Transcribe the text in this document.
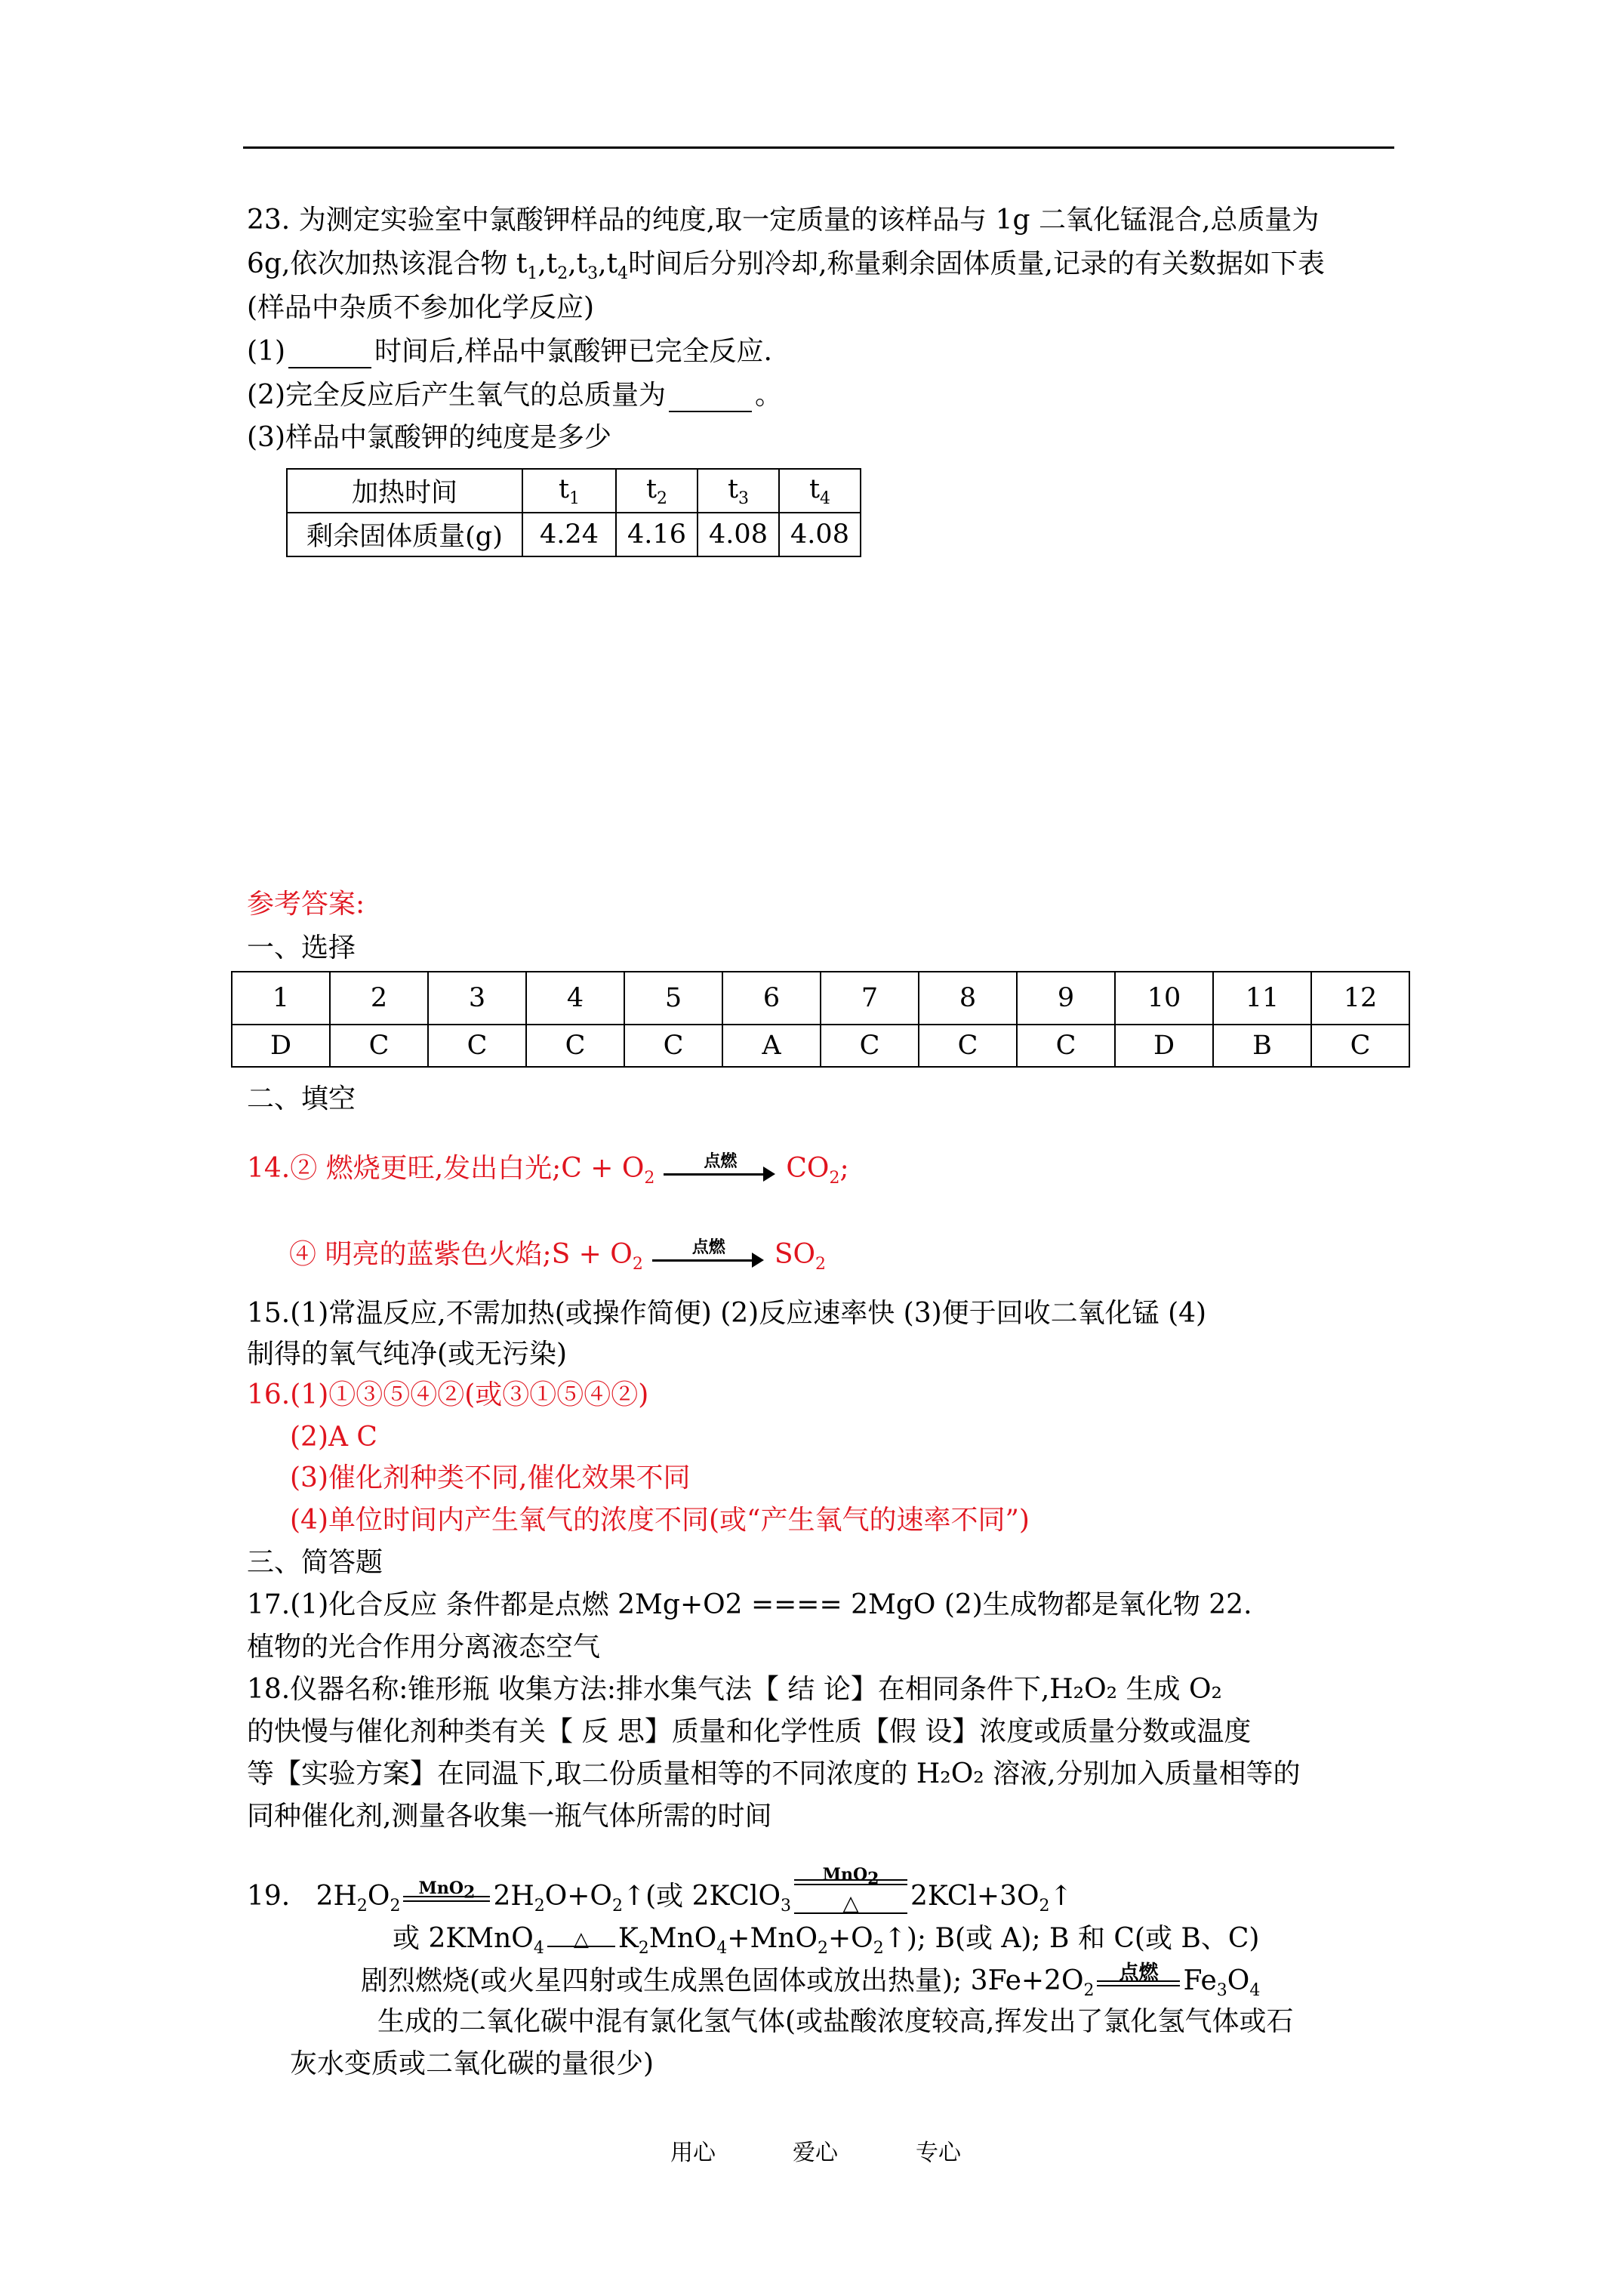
23. 为测定实验室中氯酸钾样品的纯度,取一定质量的该样品与 1g 二氧化锰混合,总质量为
6g,依次加热该混合物 $t_1,t_2,t_3,t_4$时间后分别冷却,称量剩余固体质量,记录的有关数据如下表
(样品中杂质不参加化学反应)
(1)	时间后,样品中氯酸钾已完全反应.
(2)完全反应后产生氧气的总质量为	。
(3)样品中氯酸钾的纯度是多少
加热时间	$t_1$	$t_2$	$t_3$	$t_4$
剩余固体质量(g)	4.24	4.16	4.08	4.08
参考答案:
一、选择
1	2	3	4	5	6	7	8	9	10	11	12
D	C	C	C	C	A	C	C	C	D	B	C
二、填空
14.② 燃烧更旺,发出白光;C + $O_2$
点燃	$CO_2$;
④ 明亮的蓝紫色火焰;S + $O_2$
点燃	$SO_2$
15.(1)常温反应,不需加热(或操作简便) (2)反应速率快 (3)便于回收二氧化锰 (4)
制得的氧气纯净(或无污染)
16.(1)①③⑤④②(或③①⑤④②)
(2)A C
(3)催化剂种类不同,催化效果不同
(4)单位时间内产生氧气的浓度不同(或“产生氧气的速率不同”)
三、简答题
17.(1)化合反应 条件都是点燃 2Mg+O2 ==== 2MgO (2)生成物都是氧化物 22.
植物的光合作用分离液态空气
18.仪器名称:锥形瓶 收集方法:排水集气法【 结 论】在相同条件下,H₂O₂ 生成 O₂
的快慢与催化剂种类有关【 反 思】质量和化学性质【假 设】浓度或质量分数或温度
等【实验方案】在同温下,取二份质量相等的不同浓度的 H₂O₂ 溶液,分别加入质量相等的
同种催化剂,测量各收集一瓶气体所需的时间
19. $2H_2O_2$
MnO$_2$ $2H_2O+O_2↑$(或 2KClO$_3$
MnO$_2$
△	$2KCl+3O_2↑$
或 2KMnO$_4$	△	$K_2MnO_4+MnO_2+O_2↑$); B(或 A); B 和 C(或 B、C)
剧烈燃烧(或火星四射或生成黑色固体或放出热量); $3Fe+2O_2$
点燃 $Fe_3O_4$
生成的二氧化碳中混有氯化氢气体(或盐酸浓度较高,挥发出了氯化氢气体或石
灰水变质或二氧化碳的量很少)
用心	爱心	专心
